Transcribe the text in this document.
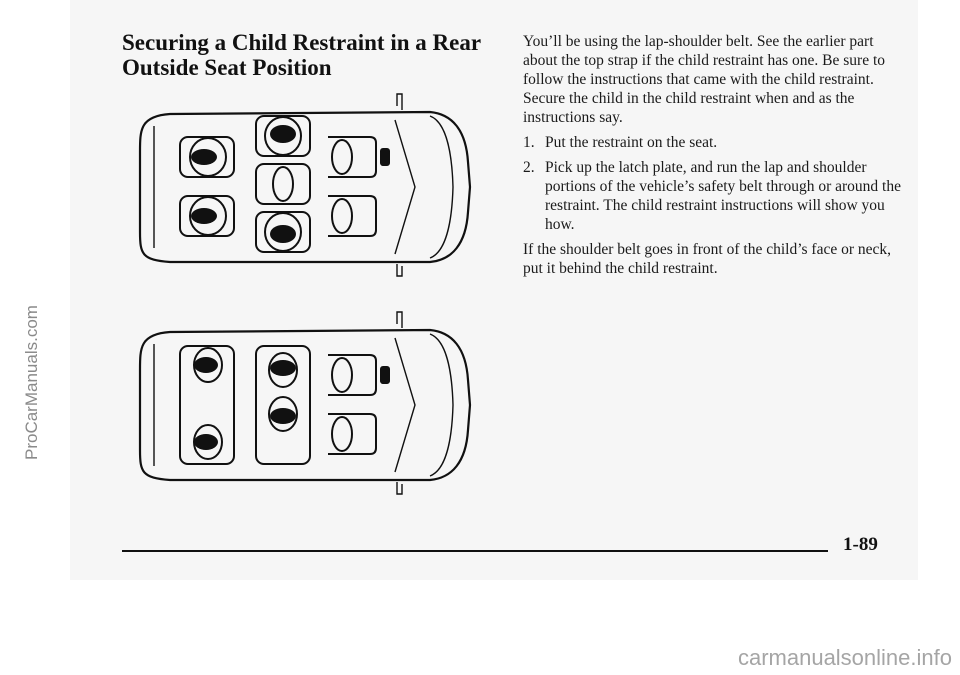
ProCarManuals.com
Securing a Child Restraint in a Rear Outside Seat Position

You’ll be using the lap-shoulder belt. See the earlier part about the top strap if the child restraint has one. Be sure to follow the instructions that came with the child restraint. Secure the child in the child restraint when and as the instructions say.

1. Put the restraint on the seat.
2. Pick up the latch plate, and run the lap and shoulder portions of the vehicle’s safety belt through or around the restraint. The child restraint instructions will show you how.

If the shoulder belt goes in front of the child’s face or neck, put it behind the child restraint.

1-89
carmanualsonline.info
